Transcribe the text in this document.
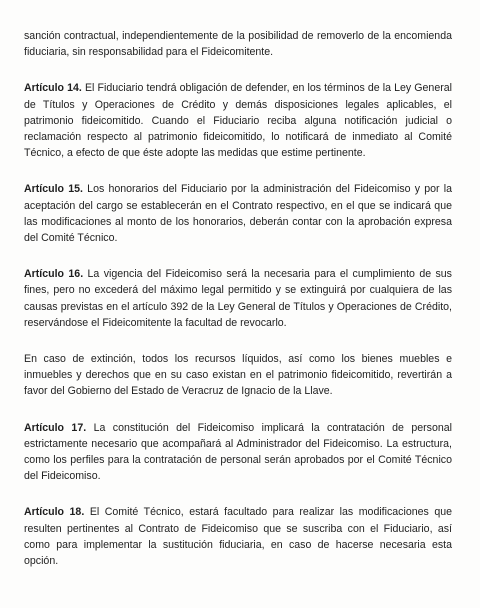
sanción contractual, independientemente de la posibilidad de removerlo de la encomienda fiduciaria, sin responsabilidad para el Fideicomitente.

Artículo 14. El Fiduciario tendrá obligación de defender, en los términos de la Ley General de Títulos y Operaciones de Crédito y demás disposiciones legales aplicables, el patrimonio fideicomitido. Cuando el Fiduciario reciba alguna notificación judicial o reclamación respecto al patrimonio fideicomitido, lo notificará de inmediato al Comité Técnico, a efecto de que éste adopte las medidas que estime pertinente.

Artículo 15. Los honorarios del Fiduciario por la administración del Fideicomiso y por la aceptación del cargo se establecerán en el Contrato respectivo, en el que se indicará que las modificaciones al monto de los honorarios, deberán contar con la aprobación expresa del Comité Técnico.

Artículo 16. La vigencia del Fideicomiso será la necesaria para el cumplimiento de sus fines, pero no excederá del máximo legal permitido y se extinguirá por cualquiera de las causas previstas en el artículo 392 de la Ley General de Títulos y Operaciones de Crédito, reservándose el Fideicomitente la facultad de revocarlo.

En caso de extinción, todos los recursos líquidos, así como los bienes muebles e inmuebles y derechos que en su caso existan en el patrimonio fideicomitido, revertirán a favor del Gobierno del Estado de Veracruz de Ignacio de la Llave.

Artículo 17. La constitución del Fideicomiso implicará la contratación de personal estrictamente necesario que acompañará al Administrador del Fideicomiso. La estructura, como los perfiles para la contratación de personal serán aprobados por el Comité Técnico del Fideicomiso.

Artículo 18. El Comité Técnico, estará facultado para realizar las modificaciones que resulten pertinentes al Contrato de Fideicomiso que se suscriba con el Fiduciario, así como para implementar la sustitución fiduciaria, en caso de hacerse necesaria esta opción.
